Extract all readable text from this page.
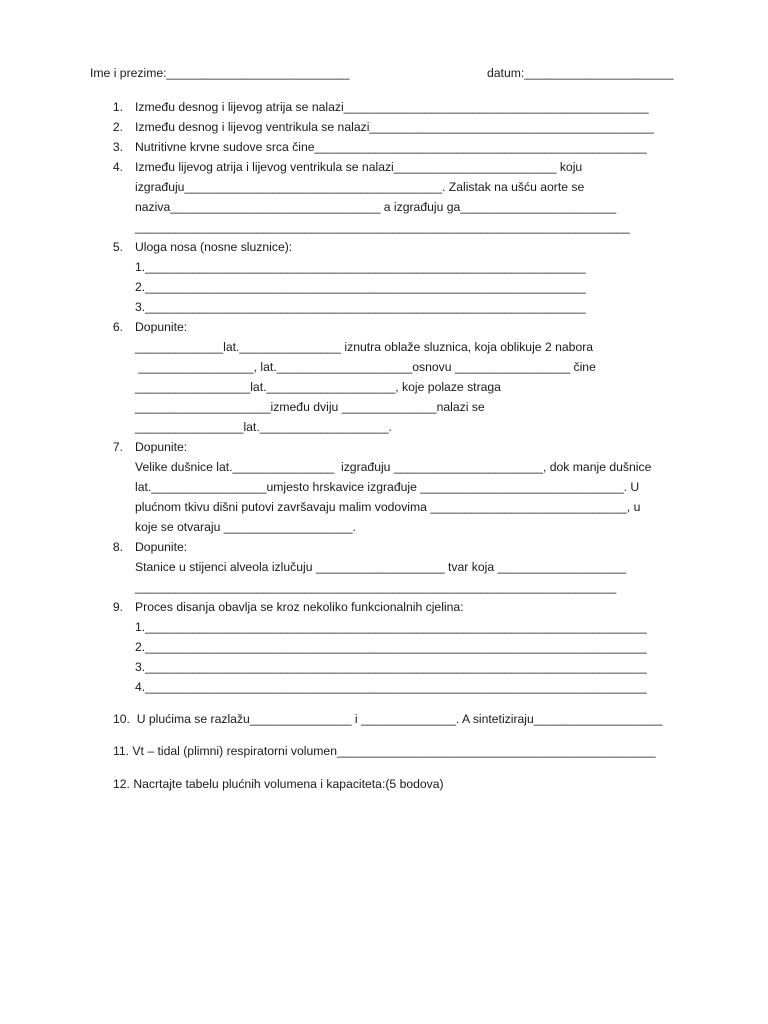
Ime i prezime:___________________________	datum:______________________
1. Između desnog i lijevog atrija se nalazi_____________________________________________
2. Između desnog i lijevog ventrikula se nalazi__________________________________________
3. Nutritivne krvne sudove srca čine_________________________________________________
4. Između lijevog atrija i lijevog ventrikula se nalazi________________________ koju
izgrađuju______________________________________. Zalistak na ušću aorte se
naziva_______________________________ a izgrađuju ga_______________________
_________________________________________________________________________
5. Uloga nosa (nosne sluznice):
1._________________________________________________________________
2._________________________________________________________________
3._________________________________________________________________
6. Dopunite:
_____________lat._______________ iznutra oblaže sluznica, koja oblikuje 2 nabora
_________________, lat.____________________osnovu _________________ čine
_________________lat.___________________, koje polaze straga
____________________između dviju ______________nalazi se
________________lat.___________________.
7. Dopunite:
Velike dušnice lat._______________  izgrađuju ______________________, dok manje dušnice
lat._________________umjesto hrskavice izgrađuje ______________________________. U
plućnom tkivu dišni putovi završavaju malim vodovima _____________________________, u
koje se otvaraju ___________________.
8. Dopunite:
Stanice u stijenci alveola izlučuju ___________________ tvar koja ___________________
_______________________________________________________________________
9. Proces disanja obavlja se kroz nekoliko funkcionalnih cjelina:
1.__________________________________________________________________________
2.__________________________________________________________________________
3.__________________________________________________________________________
4.__________________________________________________________________________
10.  U plućima se razlažu_______________ i ______________. A sintetiziraju___________________
11. Vt – tidal (plimni) respiratorni volumen_______________________________________________
12. Nacrtajte tabelu plućnih volumena i kapaciteta:(5 bodova)
